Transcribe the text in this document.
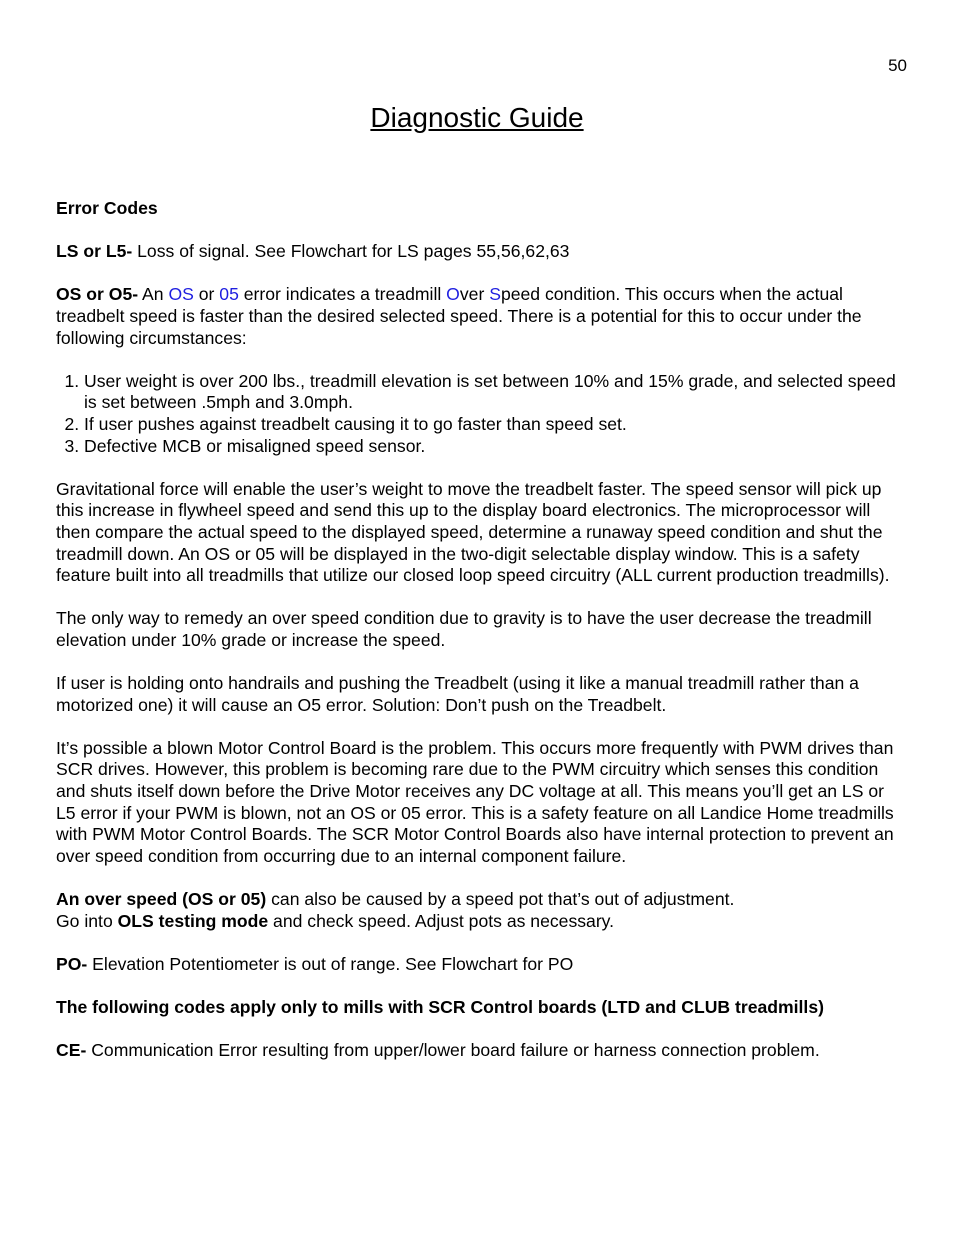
50
Diagnostic Guide

Error Codes

LS or L5- Loss of signal. See Flowchart for LS pages 55,56,62,63

OS or O5- An OS or 05 error indicates a treadmill Over Speed condition. This occurs when the actual treadbelt speed is faster than the desired selected speed. There is a potential for this to occur under the following circumstances:

1. User weight is over 200 lbs., treadmill elevation is set between 10% and 15% grade, and selected speed is set between .5mph and 3.0mph.
2. If user pushes against treadbelt causing it to go faster than speed set.
3. Defective MCB or misaligned speed sensor.

Gravitational force will enable the user’s weight to move the treadbelt faster. The speed sensor will pick up this increase in flywheel speed and send this up to the display board electronics. The microprocessor will then compare the actual speed to the displayed speed, determine a runaway speed condition and shut the treadmill down. An OS or 05 will be displayed in the two-digit selectable display window. This is a safety feature built into all treadmills that utilize our closed loop speed circuitry (ALL current production treadmills).

The only way to remedy an over speed condition due to gravity is to have the user decrease the treadmill elevation under 10% grade or increase the speed.

If user is holding onto handrails and pushing the Treadbelt (using it like a manual treadmill rather than a motorized one) it will cause an O5 error. Solution: Don’t push on the Treadbelt.

It’s possible a blown Motor Control Board is the problem. This occurs more frequently with PWM drives than SCR drives. However, this problem is becoming rare due to the PWM circuitry which senses this condition and shuts itself down before the Drive Motor receives any DC voltage at all. This means you’ll get an LS or L5 error if your PWM is blown, not an OS or 05 error. This is a safety feature on all Landice Home treadmills with PWM Motor Control Boards. The SCR Motor Control Boards also have internal protection to prevent an over speed condition from occurring due to an internal component failure.

An over speed (OS or 05) can also be caused by a speed pot that’s out of adjustment.
Go into OLS testing mode and check speed. Adjust pots as necessary.

PO- Elevation Potentiometer is out of range. See Flowchart for PO

The following codes apply only to mills with SCR Control boards (LTD and CLUB treadmills)

CE- Communication Error resulting from upper/lower board failure or harness connection problem.
